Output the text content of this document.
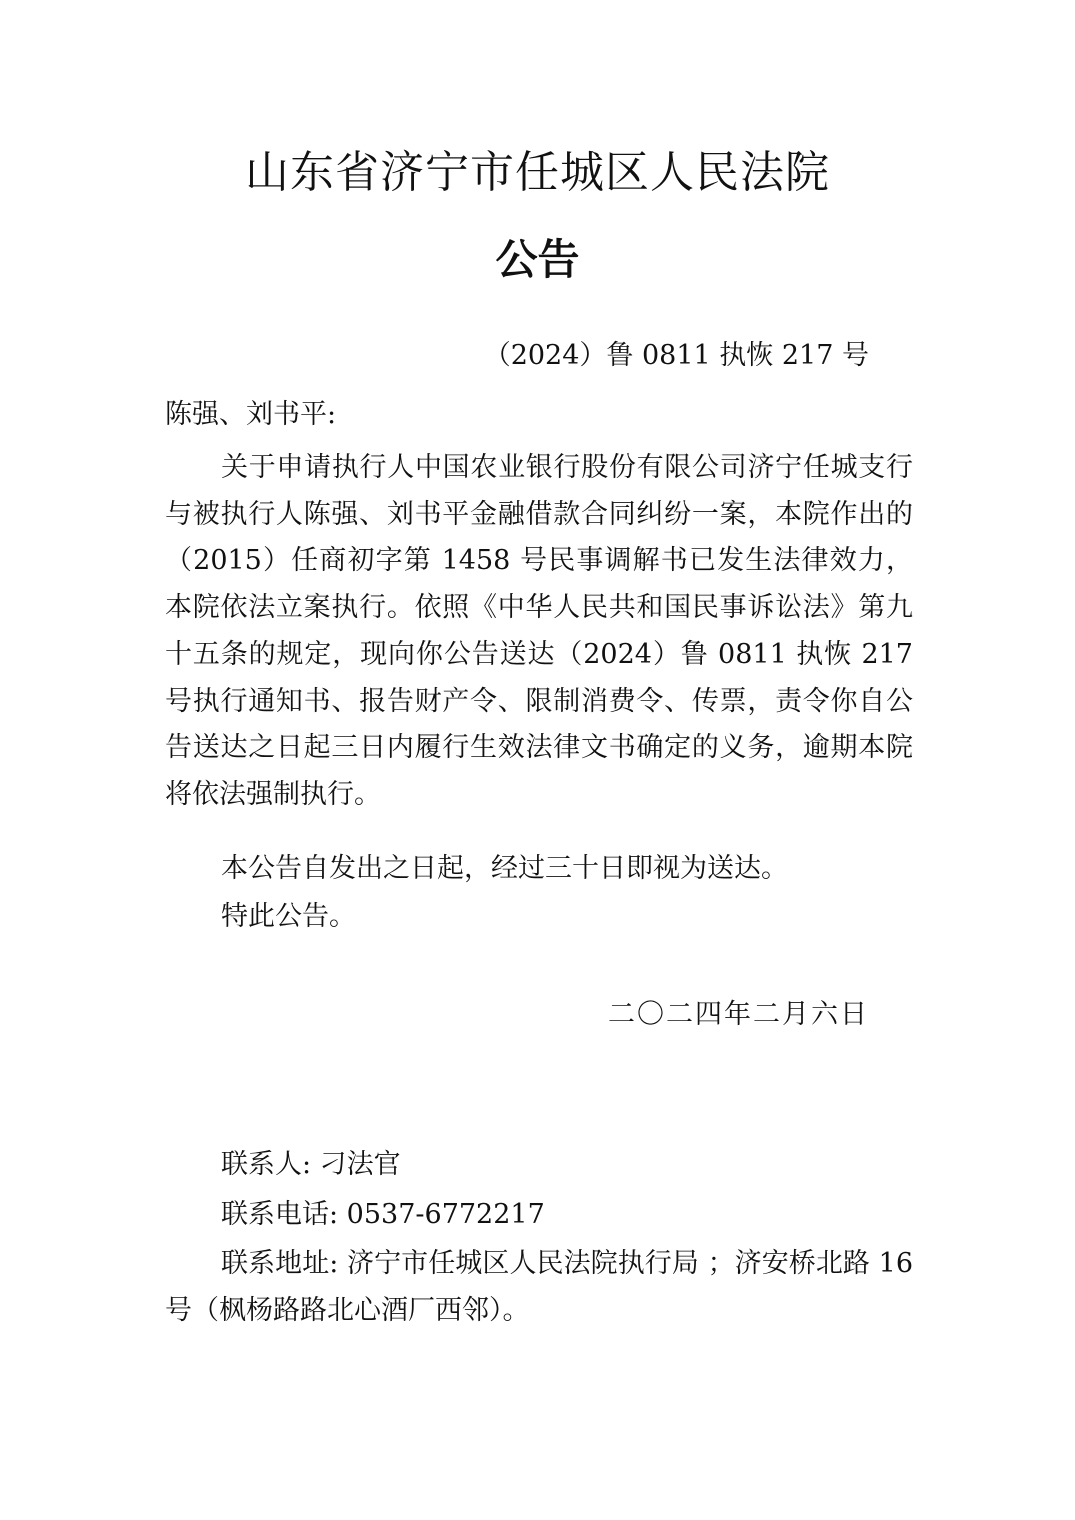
山东省济宁市任城区人民法院
公告
（2024）鲁 0811 执恢 217 号
陈强、刘书平:
关于申请执行人中国农业银行股份有限公司济宁任城支行与被执行人陈强、刘书平金融借款合同纠纷一案，本院作出的（2015）任商初字第 1458 号民事调解书已发生法律效力，本院依法立案执行。依照《中华人民共和国民事诉讼法》第九十五条的规定，现向你公告送达（2024）鲁 0811 执恢 217 号执行通知书、报告财产令、限制消费令、传票，责令你自公告送达之日起三日内履行生效法律文书确定的义务，逾期本院将依法强制执行。
本公告自发出之日起，经过三十日即视为送达。
特此公告。
二〇二四年二月六日
联系人: 刁法官
联系电话: 0537-6772217
联系地址: 济宁市任城区人民法院执行局 ；济安桥北路 16 号（枫杨路路北心酒厂西邻）。
